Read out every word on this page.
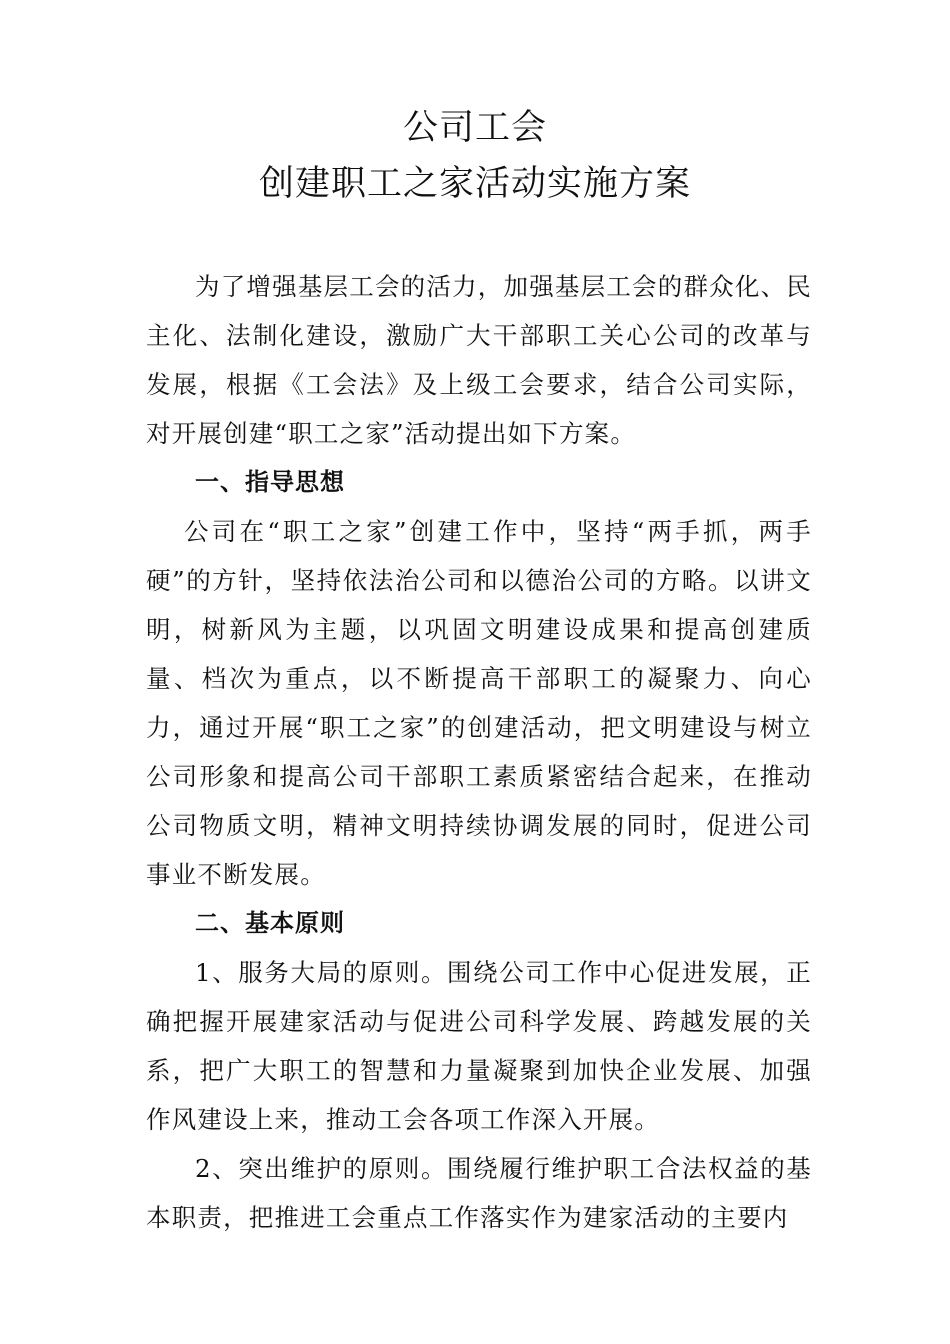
公司工会
创建职工之家活动实施方案

为了增强基层工会的活力，加强基层工会的群众化、民主化、法制化建设，激励广大干部职工关心公司的改革与发展，根据《工会法》及上级工会要求，结合公司实际，对开展创建“职工之家”活动提出如下方案。

一、指导思想

公司在“职工之家”创建工作中，坚持“两手抓，两手硬”的方针，坚持依法治公司和以德治公司的方略。以讲文明，树新风为主题，以巩固文明建设成果和提高创建质量、档次为重点，以不断提高干部职工的凝聚力、向心力，通过开展“职工之家”的创建活动，把文明建设与树立公司形象和提高公司干部职工素质紧密结合起来，在推动公司物质文明，精神文明持续协调发展的同时，促进公司事业不断发展。

二、基本原则

1、服务大局的原则。围绕公司工作中心促进发展，正确把握开展建家活动与促进公司科学发展、跨越发展的关系，把广大职工的智慧和力量凝聚到加快企业发展、加强作风建设上来，推动工会各项工作深入开展。

2、突出维护的原则。围绕履行维护职工合法权益的基本职责，把推进工会重点工作落实作为建家活动的主要内
